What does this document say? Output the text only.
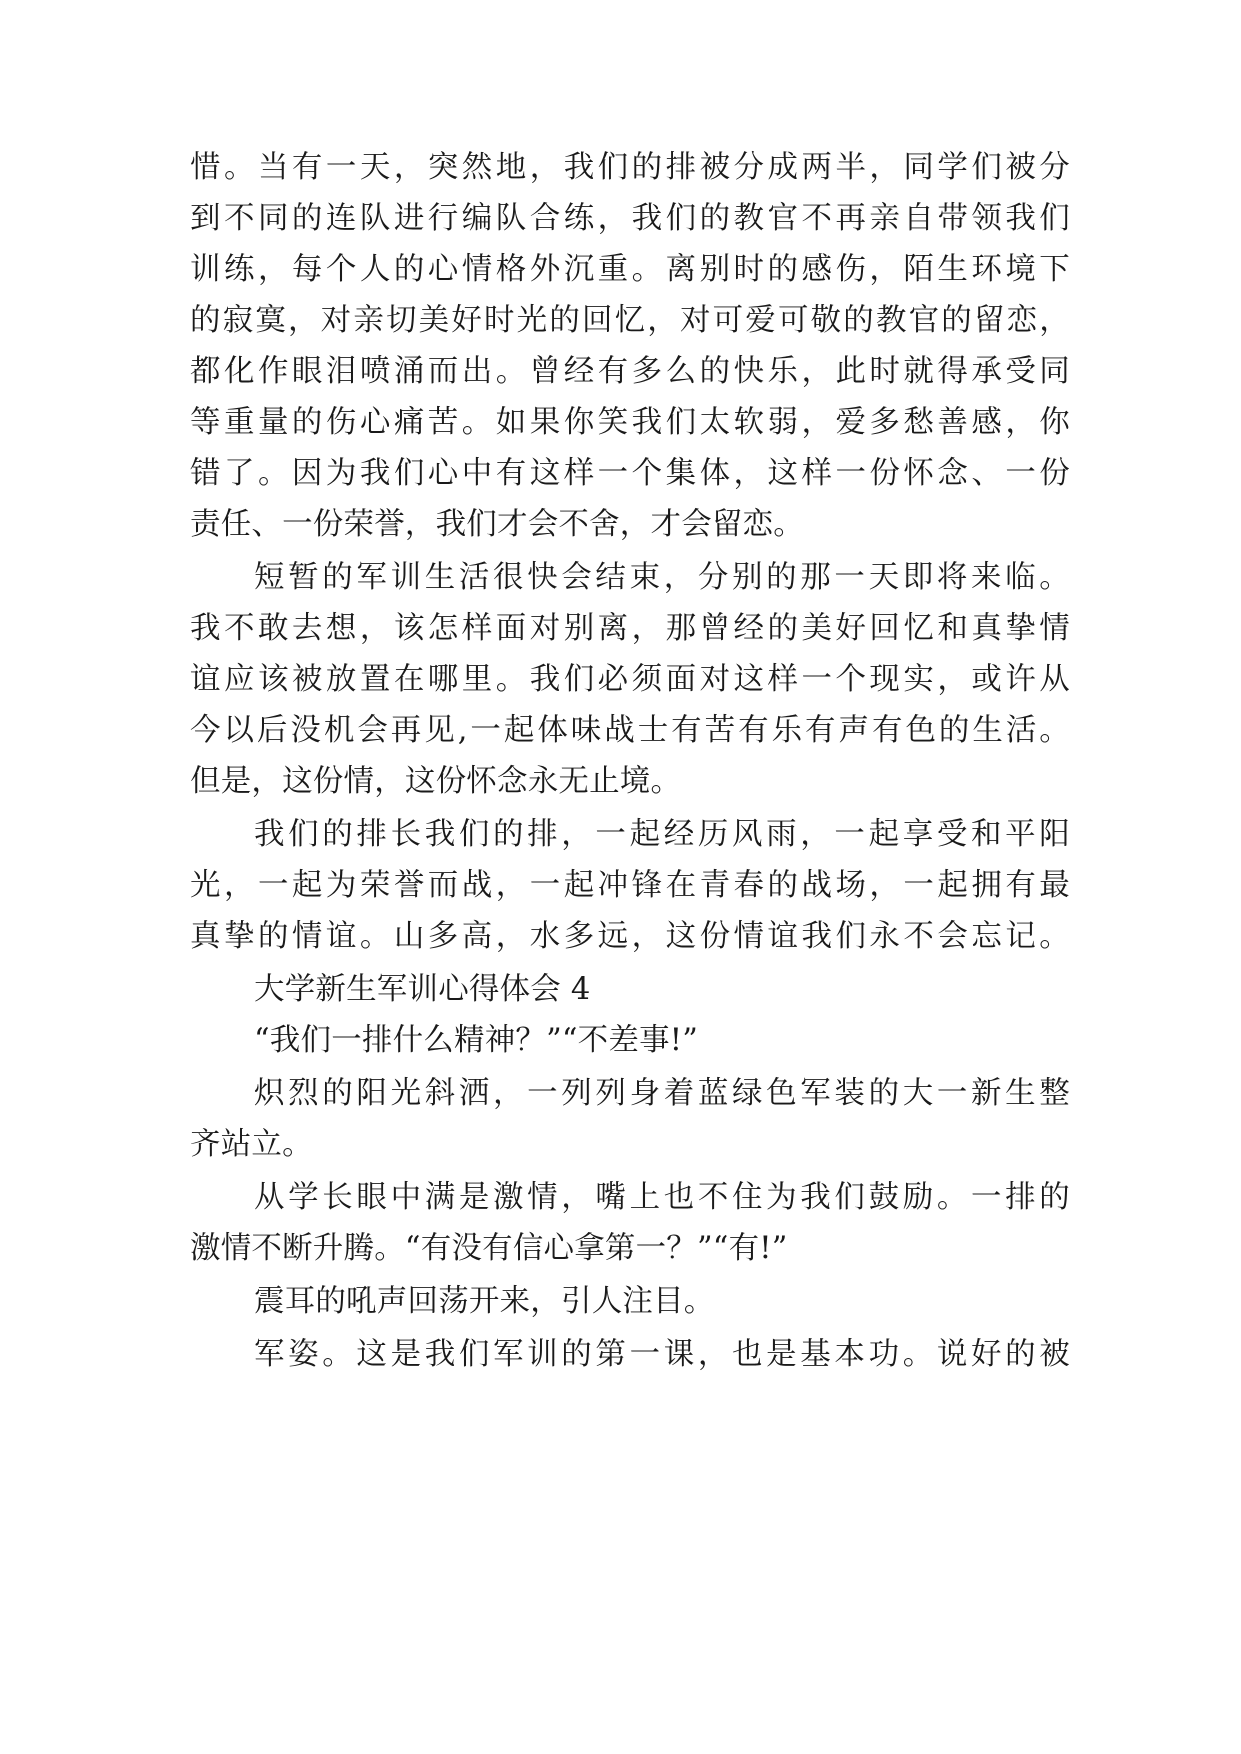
惜。当有一天，突然地，我们的排被分成两半，同学们被分

到不同的连队进行编队合练，我们的教官不再亲自带领我们

训练，每个人的心情格外沉重。离别时的感伤，陌生环境下

的寂寞，对亲切美好时光的回忆，对可爱可敬的教官的留恋，

都化作眼泪喷涌而出。曾经有多么的快乐，此时就得承受同

等重量的伤心痛苦。如果你笑我们太软弱，爱多愁善感，你

错了。因为我们心中有这样一个集体，这样一份怀念、一份

责任、一份荣誉，我们才会不舍，才会留恋。

短暂的军训生活很快会结束，分别的那一天即将来临。

我不敢去想，该怎样面对别离，那曾经的美好回忆和真挚情

谊应该被放置在哪里。我们必须面对这样一个现实，或许从

今以后没机会再见,一起体味战士有苦有乐有声有色的生活。

但是，这份情，这份怀念永无止境。

我们的排长我们的排，一起经历风雨，一起享受和平阳

光，一起为荣誉而战，一起冲锋在青春的战场，一起拥有最

真挚的情谊。山多高，水多远，这份情谊我们永不会忘记。

大学新生军训心得体会 4

“我们一排什么精神？”“不差事!”

炽烈的阳光斜洒，一列列身着蓝绿色军装的大一新生整

齐站立。

从学长眼中满是激情，嘴上也不住为我们鼓励。一排的

激情不断升腾。“有没有信心拿第一？”“有!”

震耳的吼声回荡开来，引人注目。

军姿。这是我们军训的第一课，也是基本功。说好的被
